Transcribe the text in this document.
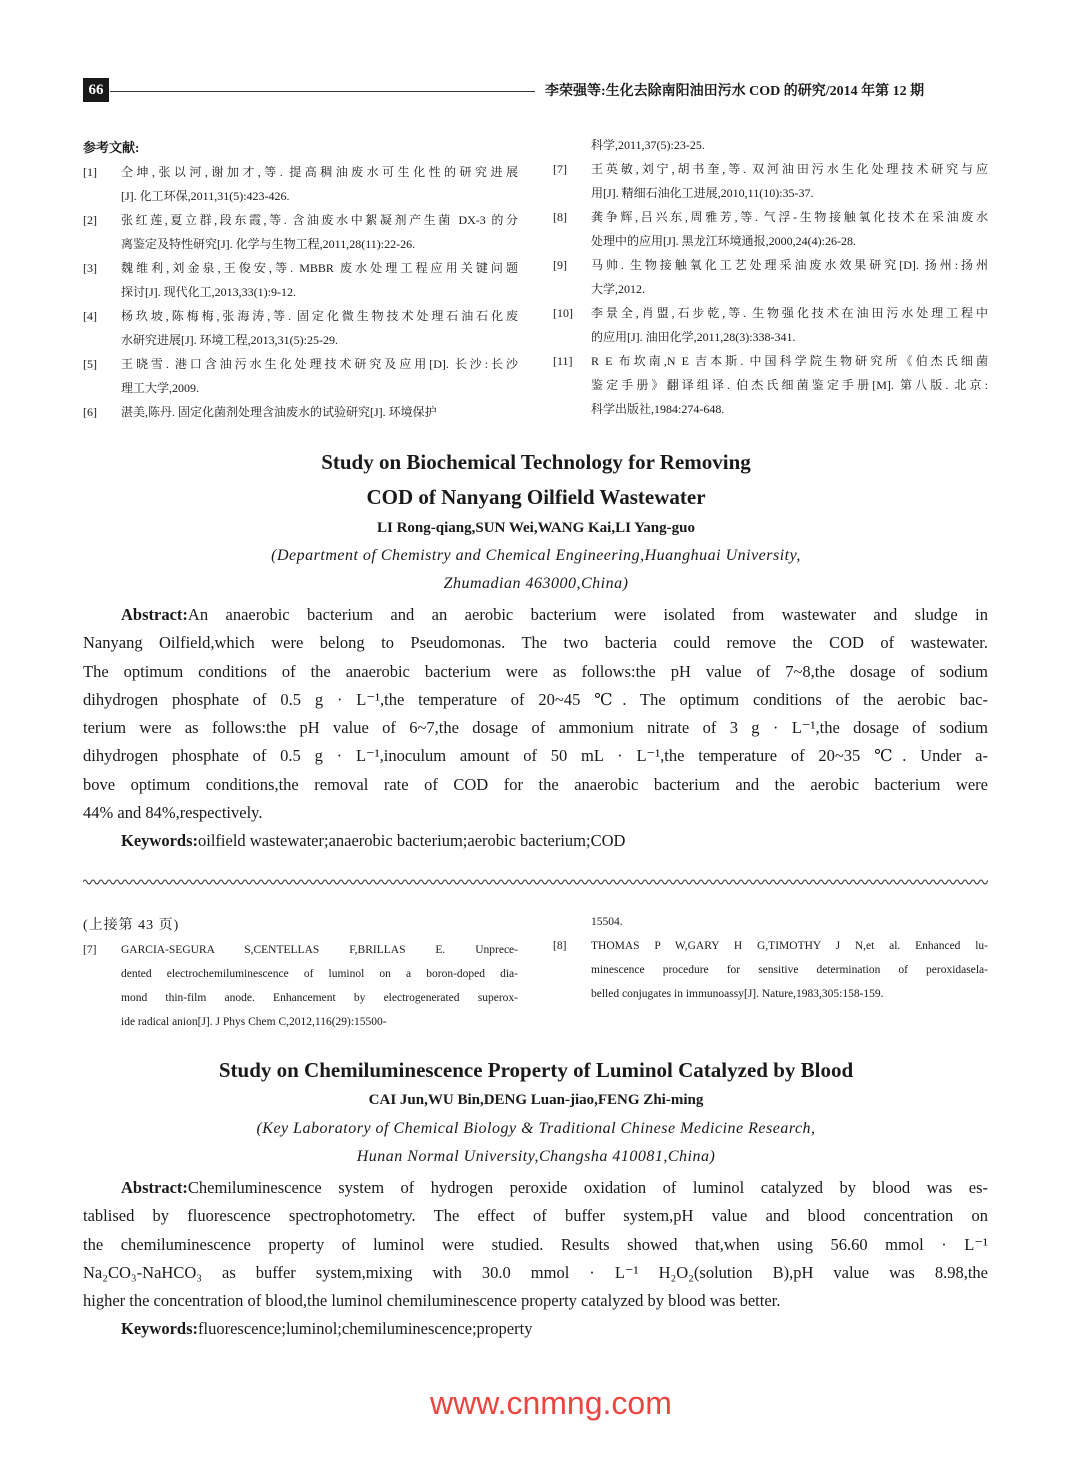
66	李荣强等:生化去除南阳油田污水 COD 的研究/2014 年第 12 期
参考文献:
[1] 仝坤,张以河,谢加才,等. 提高稠油废水可生化性的研究进展
[J]. 化工环保,2011,31(5):423-426.
[2] 张红莲,夏立群,段东霞,等. 含油废水中絮凝剂产生菌 DX-3 的分
离鉴定及特性研究[J]. 化学与生物工程,2011,28(11):22-26.
[3] 魏维利,刘金泉,王俊安,等. MBBR 废水处理工程应用关键问题
探讨[J]. 现代化工,2013,33(1):9-12.
[4] 杨玖坡,陈梅梅,张海涛,等. 固定化微生物技术处理石油石化废
水研究进展[J]. 环境工程,2013,31(5):25-29.
[5] 王晓雪. 港口含油污水生化处理技术研究及应用[D]. 长沙:长沙
理工大学,2009.
[6] 湛美,陈丹. 固定化菌剂处理含油废水的试验研究[J]. 环境保护
科学,2011,37(5):23-25.
[7] 王英敏,刘宁,胡书奎,等. 双河油田污水生化处理技术研究与应
用[J]. 精细石油化工进展,2010,11(10):35-37.
[8] 龚争辉,吕兴东,周雅芳,等. 气浮-生物接触氧化技术在采油废水
处理中的应用[J]. 黑龙江环境通报,2000,24(4):26-28.
[9] 马帅. 生物接触氧化工艺处理采油废水效果研究[D]. 扬州:扬州
大学,2012.
[10] 李景全,肖盟,石步乾,等. 生物强化技术在油田污水处理工程中
的应用[J]. 油田化学,2011,28(3):338-341.
[11] R E 布坎南,N E 吉本斯. 中国科学院生物研究所《伯杰氏细菌
鉴定手册》翻译组译. 伯杰氏细菌鉴定手册[M]. 第八版. 北京:
科学出版社,1984:274-648.
Study on Biochemical Technology for Removing
COD of Nanyang Oilfield Wastewater
LI Rong-qiang,SUN Wei,WANG Kai,LI Yang-guo
(Department of Chemistry and Chemical Engineering,Huanghuai University,
Zhumadian 463000,China)
Abstract:An anaerobic bacterium and an aerobic bacterium were isolated from wastewater and sludge in
Nanyang Oilfield,which were belong to Pseudomonas. The two bacteria could remove the COD of wastewater.
The optimum conditions of the anaerobic bacterium were as follows:the pH value of 7~8,the dosage of sodium
dihydrogen phosphate of 0.5 g · L⁻¹,the temperature of 20~45 ℃. The optimum conditions of the aerobic bac-
terium were as follows:the pH value of 6~7,the dosage of ammonium nitrate of 3 g · L⁻¹,the dosage of sodium
dihydrogen phosphate of 0.5 g · L⁻¹,inoculum amount of 50 mL · L⁻¹,the temperature of 20~35 ℃. Under a-
bove optimum conditions,the removal rate of COD for the anaerobic bacterium and the aerobic bacterium were
44% and 84%,respectively.
Keywords:oilfield wastewater;anaerobic bacterium;aerobic bacterium;COD
(上接第 43 页)
[7] GARCIA-SEGURA S,CENTELLAS F,BRILLAS E. Unprece-
dented electrochemiluminescence of luminol on a boron-doped dia-
mond thin-film anode. Enhancement by electrogenerated superox-
ide radical anion[J]. J Phys Chem C,2012,116(29):15500-
15504.
[8] THOMAS P W,GARY H G,TIMOTHY J N,et al. Enhanced lu-
minescence procedure for sensitive determination of peroxidasela-
belled conjugates in immunoassy[J]. Nature,1983,305:158-159.
Study on Chemiluminescence Property of Luminol Catalyzed by Blood
CAI Jun,WU Bin,DENG Luan-jiao,FENG Zhi-ming
(Key Laboratory of Chemical Biology & Traditional Chinese Medicine Research,
Hunan Normal University,Changsha 410081,China)
Abstract:Chemiluminescence system of hydrogen peroxide oxidation of luminol catalyzed by blood was es-
tablised by fluorescence spectrophotometry. The effect of buffer system,pH value and blood concentration on
the chemiluminescence property of luminol were studied. Results showed that,when using 56.60 mmol · L⁻¹
Na₂CO₃-NaHCO₃ as buffer system,mixing with 30.0 mmol · L⁻¹ H₂O₂(solution B),pH value was 8.98,the
higher the concentration of blood,the luminol chemiluminescence property catalyzed by blood was better.
Keywords:fluorescence;luminol;chemiluminescence;property
www.cnmng.com
